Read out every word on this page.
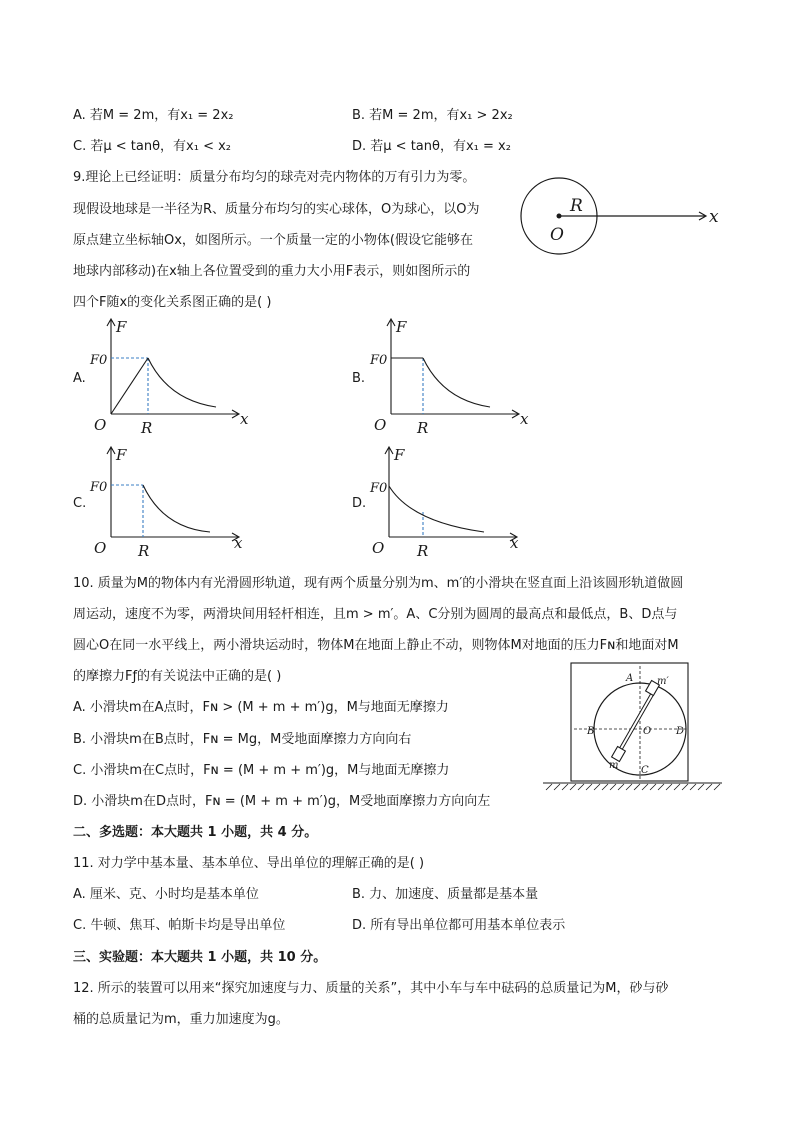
A. 若M = 2m，有x₁ = 2x₂	B. 若M = 2m，有x₁ > 2x₂
C. 若μ < tanθ，有x₁ < x₂	D. 若μ < tanθ，有x₁ = x₂
9.理论上已经证明：质量分布均匀的球壳对壳内物体的万有引力为零。
现假设地球是一半径为R、质量分布均匀的实心球体，O为球心，以O为
原点建立坐标轴Ox，如图所示。一个质量一定的小物体(假设它能够在
地球内部移动)在x轴上各位置受到的重力大小用F表示，则如图所示的
四个F随x的变化关系图正确的是( )
R
O
x
A.
F
F0
O R	x
B.
F
F0
O R	x
C.
F
F0
O R	x
D.
F
F0
O R	x
10. 质量为M的物体内有光滑圆形轨道，现有两个质量分别为m、m′的小滑块在竖直面上沿该圆形轨道做圆
周运动，速度不为零，两滑块间用轻杆相连，且m > m′。A、C分别为圆周的最高点和最低点，B、D点与
圆心O在同一水平线上，两小滑块运动时，物体M在地面上静止不动，则物体M对地面的压力Fɴ和地面对M
的摩擦力Fƒ的有关说法中正确的是( )
A. 小滑块m在A点时，Fɴ > (M + m + m′)g，M与地面无摩擦力
B. 小滑块m在B点时，Fɴ = Mg，M受地面摩擦力方向向右
C. 小滑块m在C点时，Fɴ = (M + m + m′)g，M与地面无摩擦力
D. 小滑块m在D点时，Fɴ = (M + m + m′)g，M受地面摩擦力方向向左
A m′
B	O D
m C
二、多选题：本大题共 1 小题，共 4 分。
11. 对力学中基本量、基本单位、导出单位的理解正确的是( )
A. 厘米、克、小时均是基本单位	B. 力、加速度、质量都是基本量
C. 牛顿、焦耳、帕斯卡均是导出单位	D. 所有导出单位都可用基本单位表示
三、实验题：本大题共 1 小题，共 10 分。
12. 所示的装置可以用来“探究加速度与力、质量的关系”，其中小车与车中砝码的总质量记为M，砂与砂
桶的总质量记为m，重力加速度为g。
